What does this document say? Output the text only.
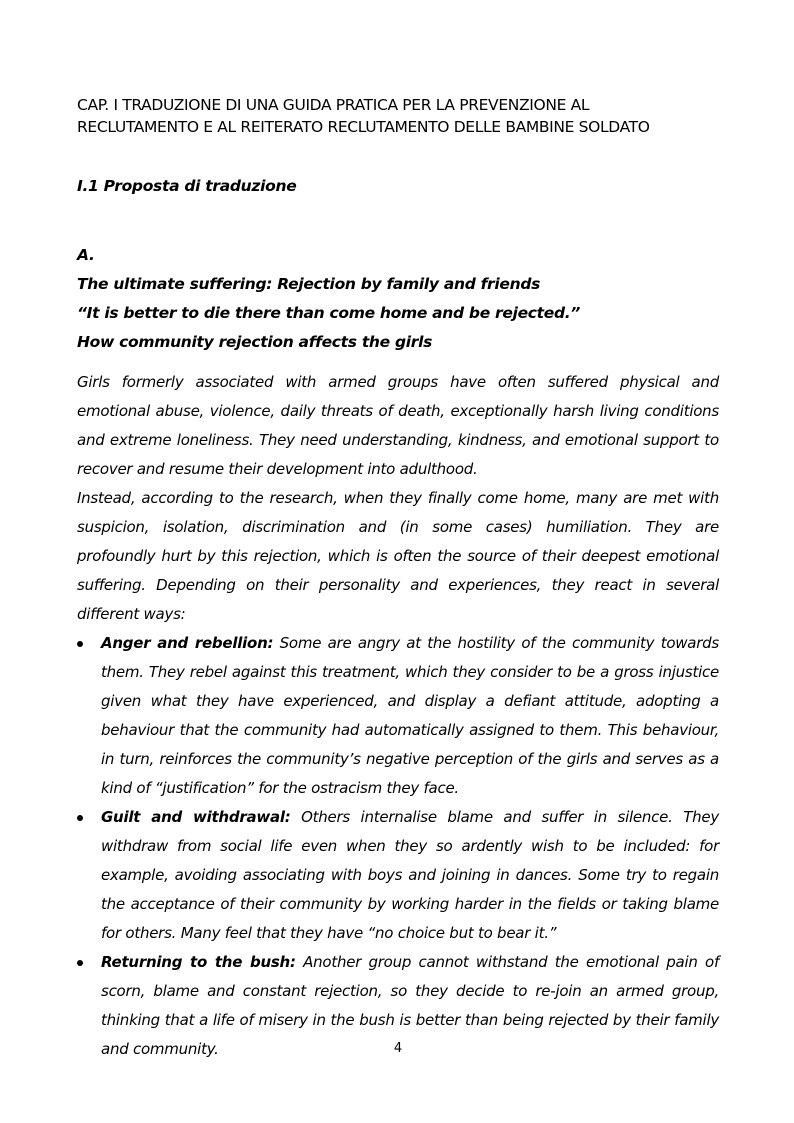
CAP. I TRADUZIONE DI UNA GUIDA PRATICA PER LA PREVENZIONE AL
RECLUTAMENTO E AL REITERATO RECLUTAMENTO DELLE BAMBINE SOLDATO
I.1 Proposta di traduzione
A.
The ultimate suffering: Rejection by family and friends
“It is better to die there than come home and be rejected.”
How community rejection affects the girls

Girls formerly associated with armed groups have often suffered physical and emotional abuse, violence, daily threats of death, exceptionally harsh living conditions and extreme loneliness. They need understanding, kindness, and emotional support to recover and resume their development into adulthood.

Instead, according to the research, when they finally come home, many are met with suspicion, isolation, discrimination and (in some cases) humiliation. They are profoundly hurt by this rejection, which is often the source of their deepest emotional suffering. Depending on their personality and experiences, they react in several different ways:

Anger and rebellion: Some are angry at the hostility of the community towards them. They rebel against this treatment, which they consider to be a gross injustice given what they have experienced, and display a defiant attitude, adopting a behaviour that the community had automatically assigned to them. This behaviour, in turn, reinforces the community’s negative perception of the girls and serves as a kind of “justification” for the ostracism they face.
Guilt and withdrawal: Others internalise blame and suffer in silence. They withdraw from social life even when they so ardently wish to be included: for example, avoiding associating with boys and joining in dances. Some try to regain the acceptance of their community by working harder in the fields or taking blame for others. Many feel that they have “no choice but to bear it.”
Returning to the bush: Another group cannot withstand the emotional pain of scorn, blame and constant rejection, so they decide to re-join an armed group, thinking that a life of misery in the bush is better than being rejected by their family and community.	4
